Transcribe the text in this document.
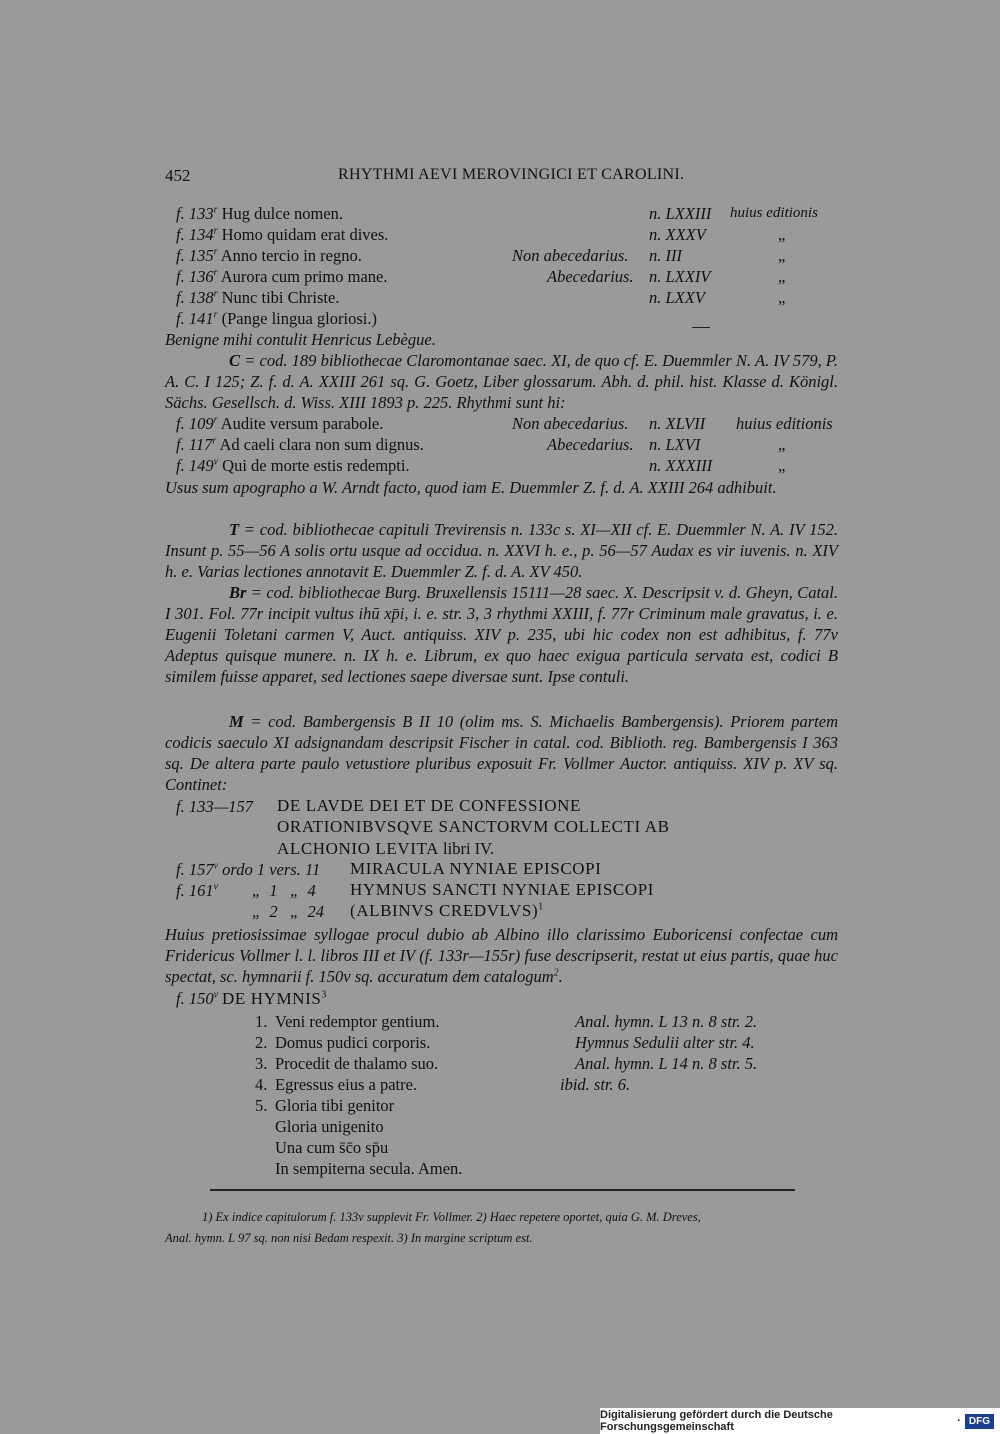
452	RHYTHMI AEVI MEROVINGICI ET CAROLINI.
f. 133$^r$ Hug dulce nomen.	n. LXXIII huius editionis
f. 134$^r$ Homo quidam erat dives.	n. XXXV	„
f. 135$^r$ Anno tercio in regno.	Non abecedarius. n. III	„
f. 136$^r$ Aurora cum primo mane.	Abecedarius. n. LXXIV	„
f. 138$^r$ Nunc tibi Christe.	n. LXXV	„
f. 141$^r$ (Pange lingua gloriosi.)
Benigne mihi contulit Henricus Lebègue.

C = cod. 189 bibliothecae Claromontanae saec. XI, de quo cf. E. Duemmler N. A. IV 579, P. A. C. I 125; Z. f. d. A. XXIII 261 sq. G. Goetz, Liber glossarum. Abh. d. phil. hist. Klasse d. Königl. Sächs. Gesellsch. d. Wiss. XIII 1893 p. 225. Rhythmi sunt hi:

f. 109$^r$ Audite versum parabole.	Non abecedarius. n. XLVII huius editionis
f. 117$^r$ Ad caeli clara non sum dignus.	Abecedarius. n. LXVI	„
f. 149$^v$ Qui de morte estis redempti.	n. XXXIII	„

Usus sum apographo a W. Arndt facto, quod iam E. Duemmler Z. f. d. A. XXIII 264 adhibuit.

T = cod. bibliothecae capituli Trevirensis n. 133c s. XI—XII cf. E. Duemmler N. A. IV 152. Insunt p. 55—56 A solis ortu usque ad occidua. n. XXVI h. e., p. 56—57 Audax es vir iuvenis. n. XIV h. e. Varias lectiones annotavit E. Duemmler Z. f. d. A. XV 450.

Br = cod. bibliothecae Burg. Bruxellensis 15111—28 saec. X. Descripsit v. d. Gheyn, Catal. I 301. Fol. 77r incipit vultus ihū xp̄i, i. e. str. 3, 3 rhythmi XXIII, f. 77r Criminum male gravatus, i. e. Eugenii Toletani carmen V, Auct. antiquiss. XIV p. 235, ubi hic codex non est adhibitus, f. 77v Adeptus quisque munere. n. IX h. e. Librum, ex quo haec exigua particula servata est, codici B similem fuisse apparet, sed lectiones saepe diversae sunt. Ipse contuli.

M = cod. Bambergensis B II 10 (olim ms. S. Michaelis Bambergensis). Priorem partem codicis saeculo XI adsignandam descripsit Fischer in catal. cod. Biblioth. reg. Bambergensis I 363 sq. De altera parte paulo vetustiore pluribus exposuit Fr. Vollmer Auctor. antiquiss. XIV p. XV sq. Continet:

f. 133—157 DE LAVDE DEI ET DE CONFESSIONE
ORATIONIBVSQVE SANCTORVM COLLECTI AB
ALCHONIO LEVITA libri IV.
f. 157$^v$ ordo 1 vers. 11 MIRACULA NYNIAE EPISCOPI
f. 161$^v$ „  1   „  4 HYMNUS SANCTI NYNIAE EPISCOPI
„  2   „  24 (ALBINVS CREDVLVS)$^1$

Huius pretiosissimae syllogae procul dubio ab Albino illo clarissimo Euboricensi confectae cum Fridericus Vollmer l. l. libros III et IV (f. 133r—155r) fuse descripserit, restat ut eius partis, quae huc spectat, sc. hymnarii f. 150v sq. accuratum dem catalogum$^2$.

f. 150$^v$ DE HYMNIS$^3$
1. Veni redemptor gentium.	Anal. hymn. L 13 n. 8 str. 2.
2. Domus pudici corporis.	Hymnus Sedulii alter str. 4.
3. Procedit de thalamo suo.	Anal. hymn. L 14 n. 8 str. 5.
4. Egressus eius a patre.	ibid. str. 6.
5. Gloria tibi genitor
Gloria unigenito
Una cum s̄c̄o sp̄u
In sempiterna secula. Amen.
1) Ex indice capitulorum f. 133v supplevit Fr. Vollmer. 2) Haec repetere oportet, quia G. M. Dreves,
Anal. hymn. L 97 sq. non nisi Bedam respexit. 3) In margine scriptum est.
Digitalisierung gefördert durch die Deutsche Forschungsgemeinschaft	· DFG
